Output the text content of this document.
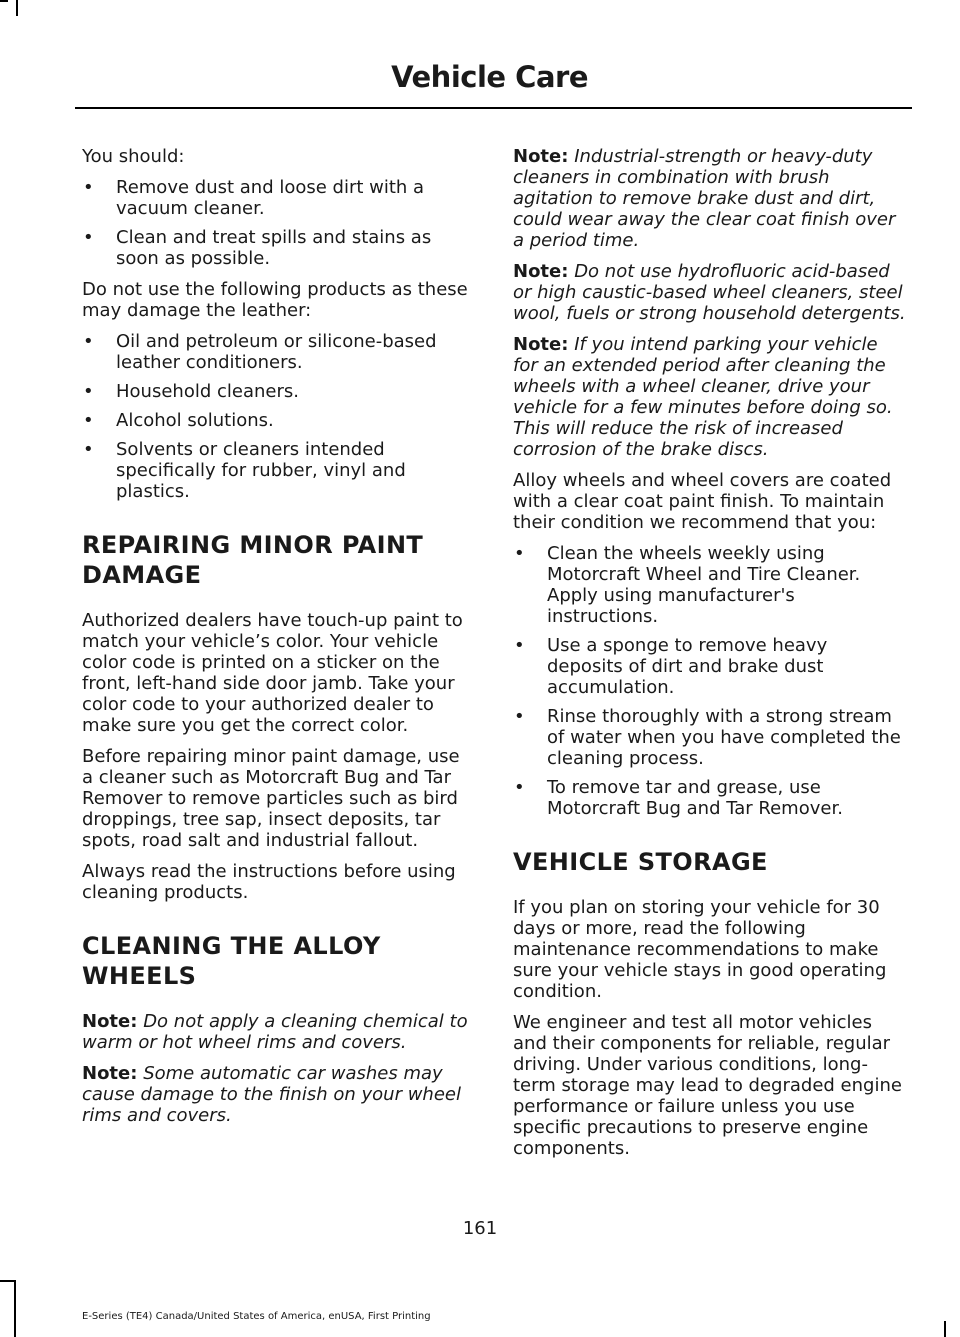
Vehicle Care

You should:

• Remove dust and loose dirt with a vacuum cleaner.
• Clean and treat spills and stains as soon as possible.

Do not use the following products as these may damage the leather:

• Oil and petroleum or silicone-based leather conditioners.
• Household cleaners.
• Alcohol solutions.
• Solvents or cleaners intended specifically for rubber, vinyl and plastics.
REPAIRING MINOR PAINT DAMAGE

Authorized dealers have touch-up paint to match your vehicle’s color. Your vehicle color code is printed on a sticker on the front, left-hand side door jamb. Take your color code to your authorized dealer to make sure you get the correct color.

Before repairing minor paint damage, use a cleaner such as Motorcraft Bug and Tar Remover to remove particles such as bird droppings, tree sap, insect deposits, tar spots, road salt and industrial fallout.

Always read the instructions before using cleaning products.

CLEANING THE ALLOY WHEELS

Note: Do not apply a cleaning chemical to warm or hot wheel rims and covers.

Note: Some automatic car washes may cause damage to the finish on your wheel rims and covers.

Note: Industrial-strength or heavy-duty cleaners in combination with brush agitation to remove brake dust and dirt, could wear away the clear coat finish over a period time.

Note: Do not use hydrofluoric acid-based or high caustic-based wheel cleaners, steel wool, fuels or strong household detergents.

Note: If you intend parking your vehicle for an extended period after cleaning the wheels with a wheel cleaner, drive your vehicle for a few minutes before doing so. This will reduce the risk of increased corrosion of the brake discs.

Alloy wheels and wheel covers are coated with a clear coat paint finish. To maintain their condition we recommend that you:

• Clean the wheels weekly using Motorcraft Wheel and Tire Cleaner. Apply using manufacturer's instructions.
• Use a sponge to remove heavy deposits of dirt and brake dust accumulation.
• Rinse thoroughly with a strong stream of water when you have completed the cleaning process.
• To remove tar and grease, use Motorcraft Bug and Tar Remover.
VEHICLE STORAGE

If you plan on storing your vehicle for 30 days or more, read the following maintenance recommendations to make sure your vehicle stays in good operating condition.

We engineer and test all motor vehicles and their components for reliable, regular driving. Under various conditions, long-term storage may lead to degraded engine performance or failure unless you use specific precautions to preserve engine components.

161
E-Series (TE4) Canada/United States of America, enUSA, First Printing
